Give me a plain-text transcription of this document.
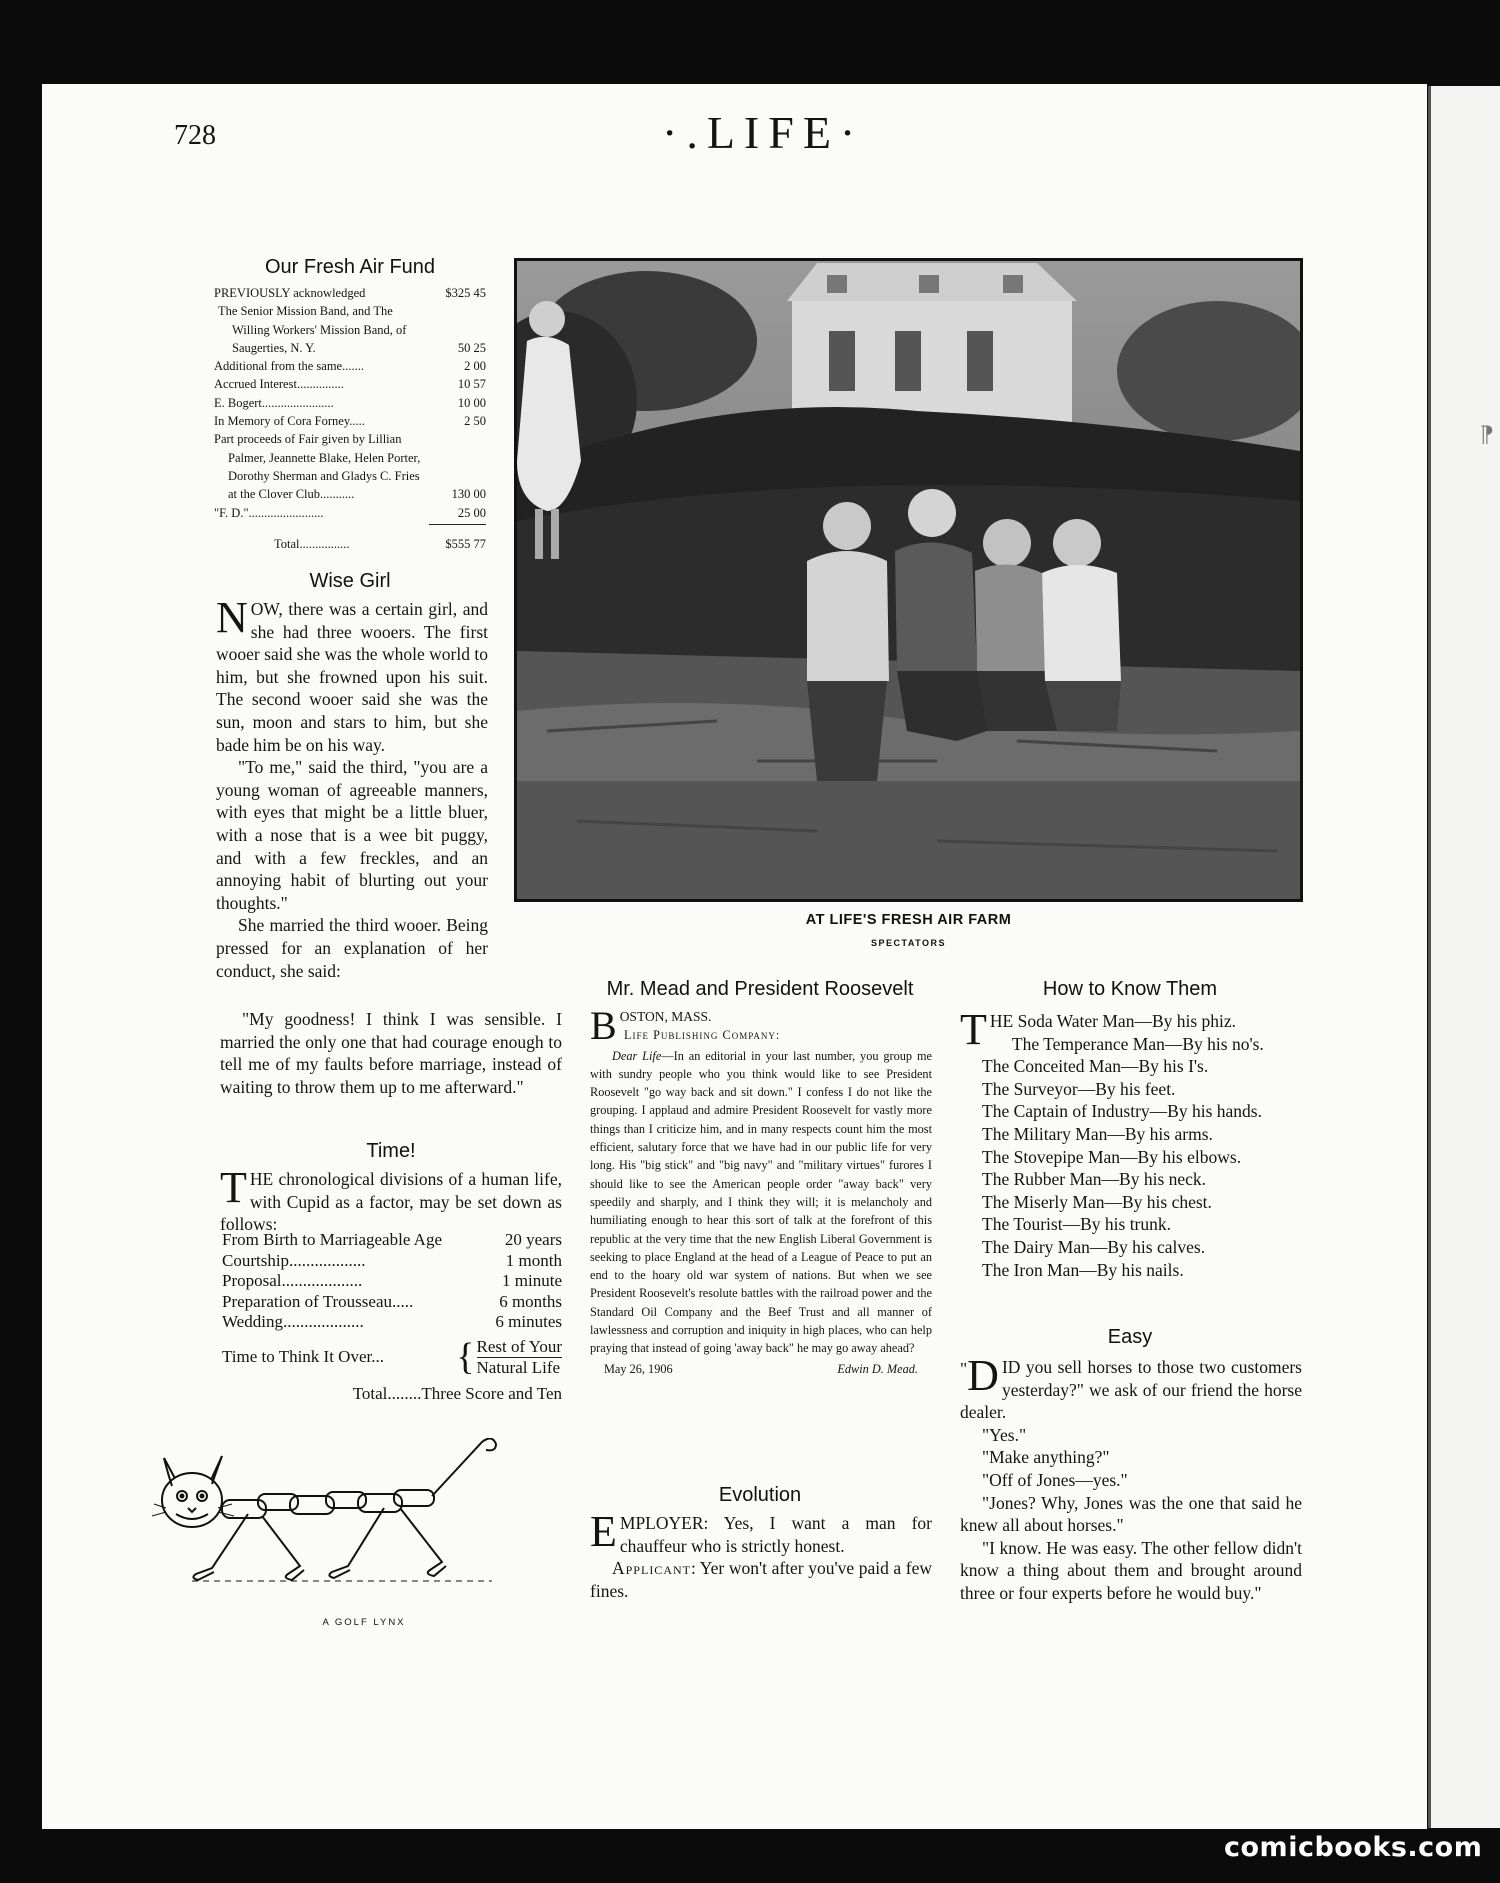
⁋
728	·.LIFE·
Our Fresh Air Fund
PREVIOUSLY acknowledged	$325 45
The Senior Mission Band, and The Willing Workers' Mission Band, of Saugerties, N. Y.	50 25
Additional from the same.......	2 00
Accrued Interest...............	10 57
E. Bogert.......................	10 00
In Memory of Cora Forney.....	2 50
Part proceeds of Fair given by Lillian Palmer, Jeannette Blake, Helen Porter, Dorothy Sherman and Gladys C. Fries at the Clover Club...........	130 00
"F. D."........................	25 00
Total................	$555 77
Wise Girl

NOW, there was a certain girl, and she had three wooers. The first wooer said she was the whole world to him, but she frowned upon his suit. The second wooer said she was the sun, moon and stars to him, but she bade him be on his way.

"To me," said the third, "you are a young woman of agreeable manners, with eyes that might be a little bluer, with a nose that is a wee bit puggy, and with a few freckles, and an annoying habit of blurting out your thoughts."

She married the third wooer. Being pressed for an explanation of her conduct, she said:

"My goodness! I think I was sensible. I married the only one that had courage enough to tell me of my faults before marriage, instead of waiting to throw them up to me afterward."

Time!

THE chronological divisions of a human life, with Cupid as a factor, may be set down as follows:

From Birth to Marriageable Age	20 years
Courtship..................	1 month
Proposal...................	1 minute
Preparation of Trousseau.....	6 months
Wedding...................	6 minutes
Time to Think It Over... { Rest of Your
Natural Life
Total........ Three Score and Ten
A GOLF LYNX
AT LIFE'S FRESH AIR FARM
SPECTATORS
Mr. Mead and President Roosevelt

BOSTON, MASS.

Life Publishing Company:

Dear Life—In an editorial in your last number, you group me with sundry people who you think would like to see President Roosevelt "go way back and sit down." I confess I do not like the grouping. I applaud and admire President Roosevelt for vastly more things than I criticize him, and in many respects count him the most efficient, salutary force that we have had in our public life for very long. His "big stick" and "big navy" and "military virtues" furores I should like to see the American people order "away back" very speedily and sharply, and I think they will; it is melancholy and humiliating enough to hear this sort of talk at the forefront of this republic at the very time that the new English Liberal Government is seeking to place England at the head of a League of Peace to put an end to the hoary old war system of nations. But when we see President Roosevelt's resolute battles with the railroad power and the Standard Oil Company and the Beef Trust and all manner of lawlessness and corruption and iniquity in high places, who can help praying that instead of going 'away back" he may go away ahead?

May 26, 1906	Edwin D. Mead.

Evolution

EMPLOYER: Yes, I want a man for chauffeur who is strictly honest.

Applicant: Yer won't after you've paid a few fines.

How to Know Them

THE Soda Water Man—By his phiz.

The Temperance Man—By his no's.

The Conceited Man—By his I's.

The Surveyor—By his feet.

The Captain of Industry—By his hands.

The Military Man—By his arms.

The Stovepipe Man—By his elbows.

The Rubber Man—By his neck.

The Miserly Man—By his chest.

The Tourist—By his trunk.

The Dairy Man—By his calves.

The Iron Man—By his nails.

Easy

" D ID you sell horses to those two customers yesterday?" we ask of our friend the horse dealer.

"Yes."

"Make anything?"

"Off of Jones—yes."

"Jones? Why, Jones was the one that said he knew all about horses."

"I know. He was easy. The other fellow didn't know a thing about them and brought around three or four experts before he would buy."

comicbooks.com
